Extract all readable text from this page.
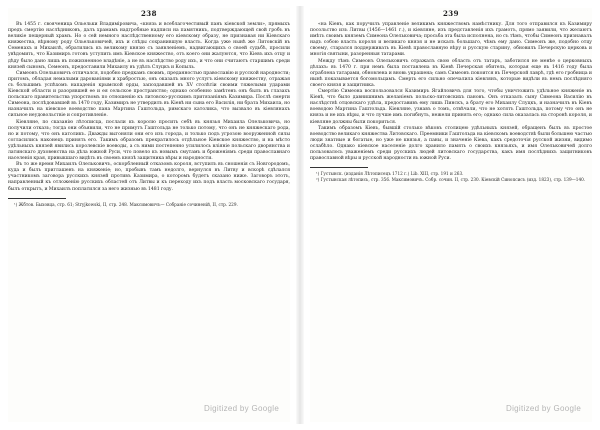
238

Въ 1455 г. свояченица Ольельки Владиміровича, «князь и всеблагочестивый панъ кіевской земли», прямыхъ предъ смертію наслѣдниковъ, далъ храмамъ надгробные надписи на памятникъ, подтверждающей свой гробъ въ великіе пещерный храмъ. Но о сей немного наслѣдственному его кіевскому образу, не признавая ни Кіевскаго княжества, вѣрному роду Ольельковичей, ихъ и слѣды сохранившую власть. Когда уже нынѣ же Литовскій въ Семенахъ и Михаилѣ, обратились къ великому князю съ заявленіемъ, надвигающихъ о своей судьбѣ, просили увѣдомить, что Казимиръ готовъ уступить имъ Кіевское княжество, отъ коего они жалуются, что Кіевъ ихъ отцу и дѣду было дано лишь въ пожизненное владѣніе, а не въ наслѣдство роду ихъ, и что они считаютъ старшимъ среди князей сыномъ, Семеонъ, предоставили Михаилу въ удѣлъ Слуцкъ и Копыль.

Симеонъ Олельковичъ отличался, подобно предкамъ своимъ, преданностью православію и русской народности; притомъ, обладая немалыми дарованіями и храбростью, онъ оказалъ много услугъ кіевскому княжеству, отражая съ большимъ успѣхомъ нападенія крымской орды, запоздавшей въ XV столѣтіи своими тяжелыми ударами Кіевской области и разорявшей ее и ея сельское пространство; однако особенно замѣтенъ онъ былъ въ глазахъ польскаго правительства упорствомъ по отношенію къ литовско-русскимъ притязаніямъ Казимира. Послѣ смерти Симеона, послѣдовавшей въ 1470 году, Казимиръ не утвердилъ въ Кіевѣ ни сына его Василія, ни брата Михаила, но назначилъ на кіевское воеводство пана Мартина Гаштольда, римскаго католика, что вызвало въ кіевлянахъ сильное неудовольствіе и сопротивленіе.

Кіевляне, по сказанію лѣтописца, послали къ королю просить себѣ въ князья Михаила Олельковича, но получили отказъ; тогда они объявили, что не примутъ Гаштольда не только потому, что онъ не княжескаго рода, но и потому, что онъ католикъ. Дважды выгоняли они его изъ города, и только подъ угрозою вооруженной силы согласились наконецъ принять его. Такимъ образомъ прекратилось отдѣльное Кіевское княжество, и на мѣсто удѣльныхъ князей явились королевскіе воеводы, а съ ними постепенно усилилось вліяніе польскаго дворянства и латинскаго духовенства на дѣла южной Руси, что повело къ новымъ смутамъ и броженіямъ среди православнаго населенія края, привыкшаго видѣть въ своемъ князѣ защитника вѣры и народности.

Въ то же время Михаилъ Олельковичъ, оскорбленный отказомъ короля, вступилъ въ сношенія съ Новгородомъ, куда и былъ приглашенъ на княженіе; но, пробывъ тамъ недолго, вернулся въ Литву и вскорѣ сдѣлался участникомъ заговора русскихъ князей противъ Казимира, о которомъ будетъ сказано ниже. Заговоръ этотъ, направленный къ отложенію русскихъ областей отъ Литвы и къ переходу ихъ подъ власть московскаго государя, былъ открытъ, и Михаилъ поплатился за него жизнью въ 1481 году.

¹) Жбтов. Быховца, стр. 61; Stryjkowski, II, стр. 248. Максимовичъ— Собраніе сочиненій, II, стр. 229.

Digitized by Google
239

«на Кіевъ, как поручилъ управленіе великимъ княжествомъ намѣстнику. Для того отправился къ Казимиру посольство изъ Литвы (1456—1461 г.), и кіевляне, изъ представленія ихъ грамотъ, прямо заявили, что желаютъ имѣть своимъ княземъ Симеона Олельковича; просьба эта была исполнена, но съ тѣмъ, чтобы Симеонъ признавалъ надъ собою власть короля и великаго князя и не искалъ большаго, чѣмъ ему дано. Симеонъ же, подобно отцу своему, старался поддерживать въ Кіевѣ православную вѣру и русскую старину, обновилъ Печерскую церковь и многія святыни, разоренныя татарами.

Между тѣмъ Симеонъ Олельковичъ отражалъ свою область отъ татаръ, заботился не менѣе о церковныхъ дѣлахъ: въ 1470 г. при немъ была поставлена въ Кіевѣ Печерская обитель, которая еще въ 1416 году была ограблена татарами, обновлена и вновь украшена; самъ Симеонъ покоится въ Печерской лаврѣ, гдѣ его гробница и нынѣ показывается богомольцамъ. Смерть его сильно опечалила кіевлянъ, которые видѣли въ немъ послѣдняго своего князя и защитника.

Смертію Симеона воспользовался Казимиръ Ягайловичъ для того, чтобы уничтожить удѣльное княженіе въ Кіевѣ, что было давнишнимъ желаніемъ польско-литовскихъ пановъ. Онъ отказалъ сыну Симеона Василію въ наслѣдствѣ отцовскаго удѣла, предоставивъ ему лишь Пинскъ, а брату его Михаилу Слуцкъ, и назначилъ въ Кіевъ воеводою Мартина Гаштольда. Кіевляне, узнавъ о томъ, отвѣчали, что не хотятъ Гаштольда, потому что онъ не князь и не ихъ вѣры, и что лучше имъ погибнуть, нежели принять его; однако сила оказалась на сторонѣ короля, и кіевляне должны были покориться.

Такимъ образомъ Кіевъ, бывшій столько вѣковъ столицею удѣльныхъ князей, обращенъ былъ въ простое воеводство великаго княжества Литовскаго. Преемники Гаштольда на кіевскомъ воеводствѣ были большею частью люди знатные и богатые, но уже не князья, а паны, и значеніе Кіева, какъ средоточія русской жизни, видимо ослабѣло. Однако кіевское населеніе долго хранило память о своихъ князьяхъ, и имя Олельковичей долго пользовалось уваженіемъ среди русскихъ людей литовскаго государства, какъ имя послѣднихъ защитниковъ православной вѣры и русской народности въ южной Руси.

¹) Густынск. (изданія Лѣтописецъ 1712 г.) Lib. XIII, стр. 191 и 263.

²) Густынская лѣтопись, стр. 356. Максимовичъ. Собр. сочин. II, стр. 230. Кіевскій Синопсисъ (изд. 1823), стр. 139—140.

Digitized by Google
